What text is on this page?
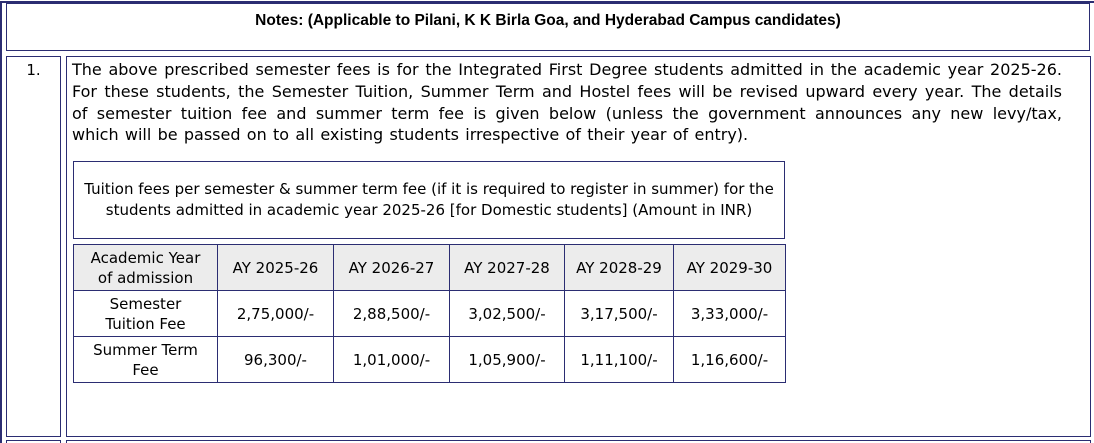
Notes: (Applicable to Pilani, K K Birla Goa, and Hyderabad Campus candidates)
1.	The above prescribed semester fees is for the Integrated First Degree students admitted in the academic year 2025-26. For these students, the Semester Tuition, Summer Term and Hostel fees will be revised upward every year. The details of semester tuition fee and summer term fee is given below (unless the government announces any new levy/tax, which will be passed on to all existing students irrespective of their year of entry).
Tuition fees per semester & summer term fee (if it is required to register in summer) for the students admitted in academic year 2025-26 [for Domestic students] (Amount in INR)
Academic Year of admission	AY 2025-26	AY 2026-27	AY 2027-28	AY 2028-29	AY 2029-30
Semester Tuition Fee	2,75,000/-	2,88,500/-	3,02,500/-	3,17,500/-	3,33,000/-
Summer Term Fee	96,300/-	1,01,000/-	1,05,900/-	1,11,100/-	1,16,600/-
